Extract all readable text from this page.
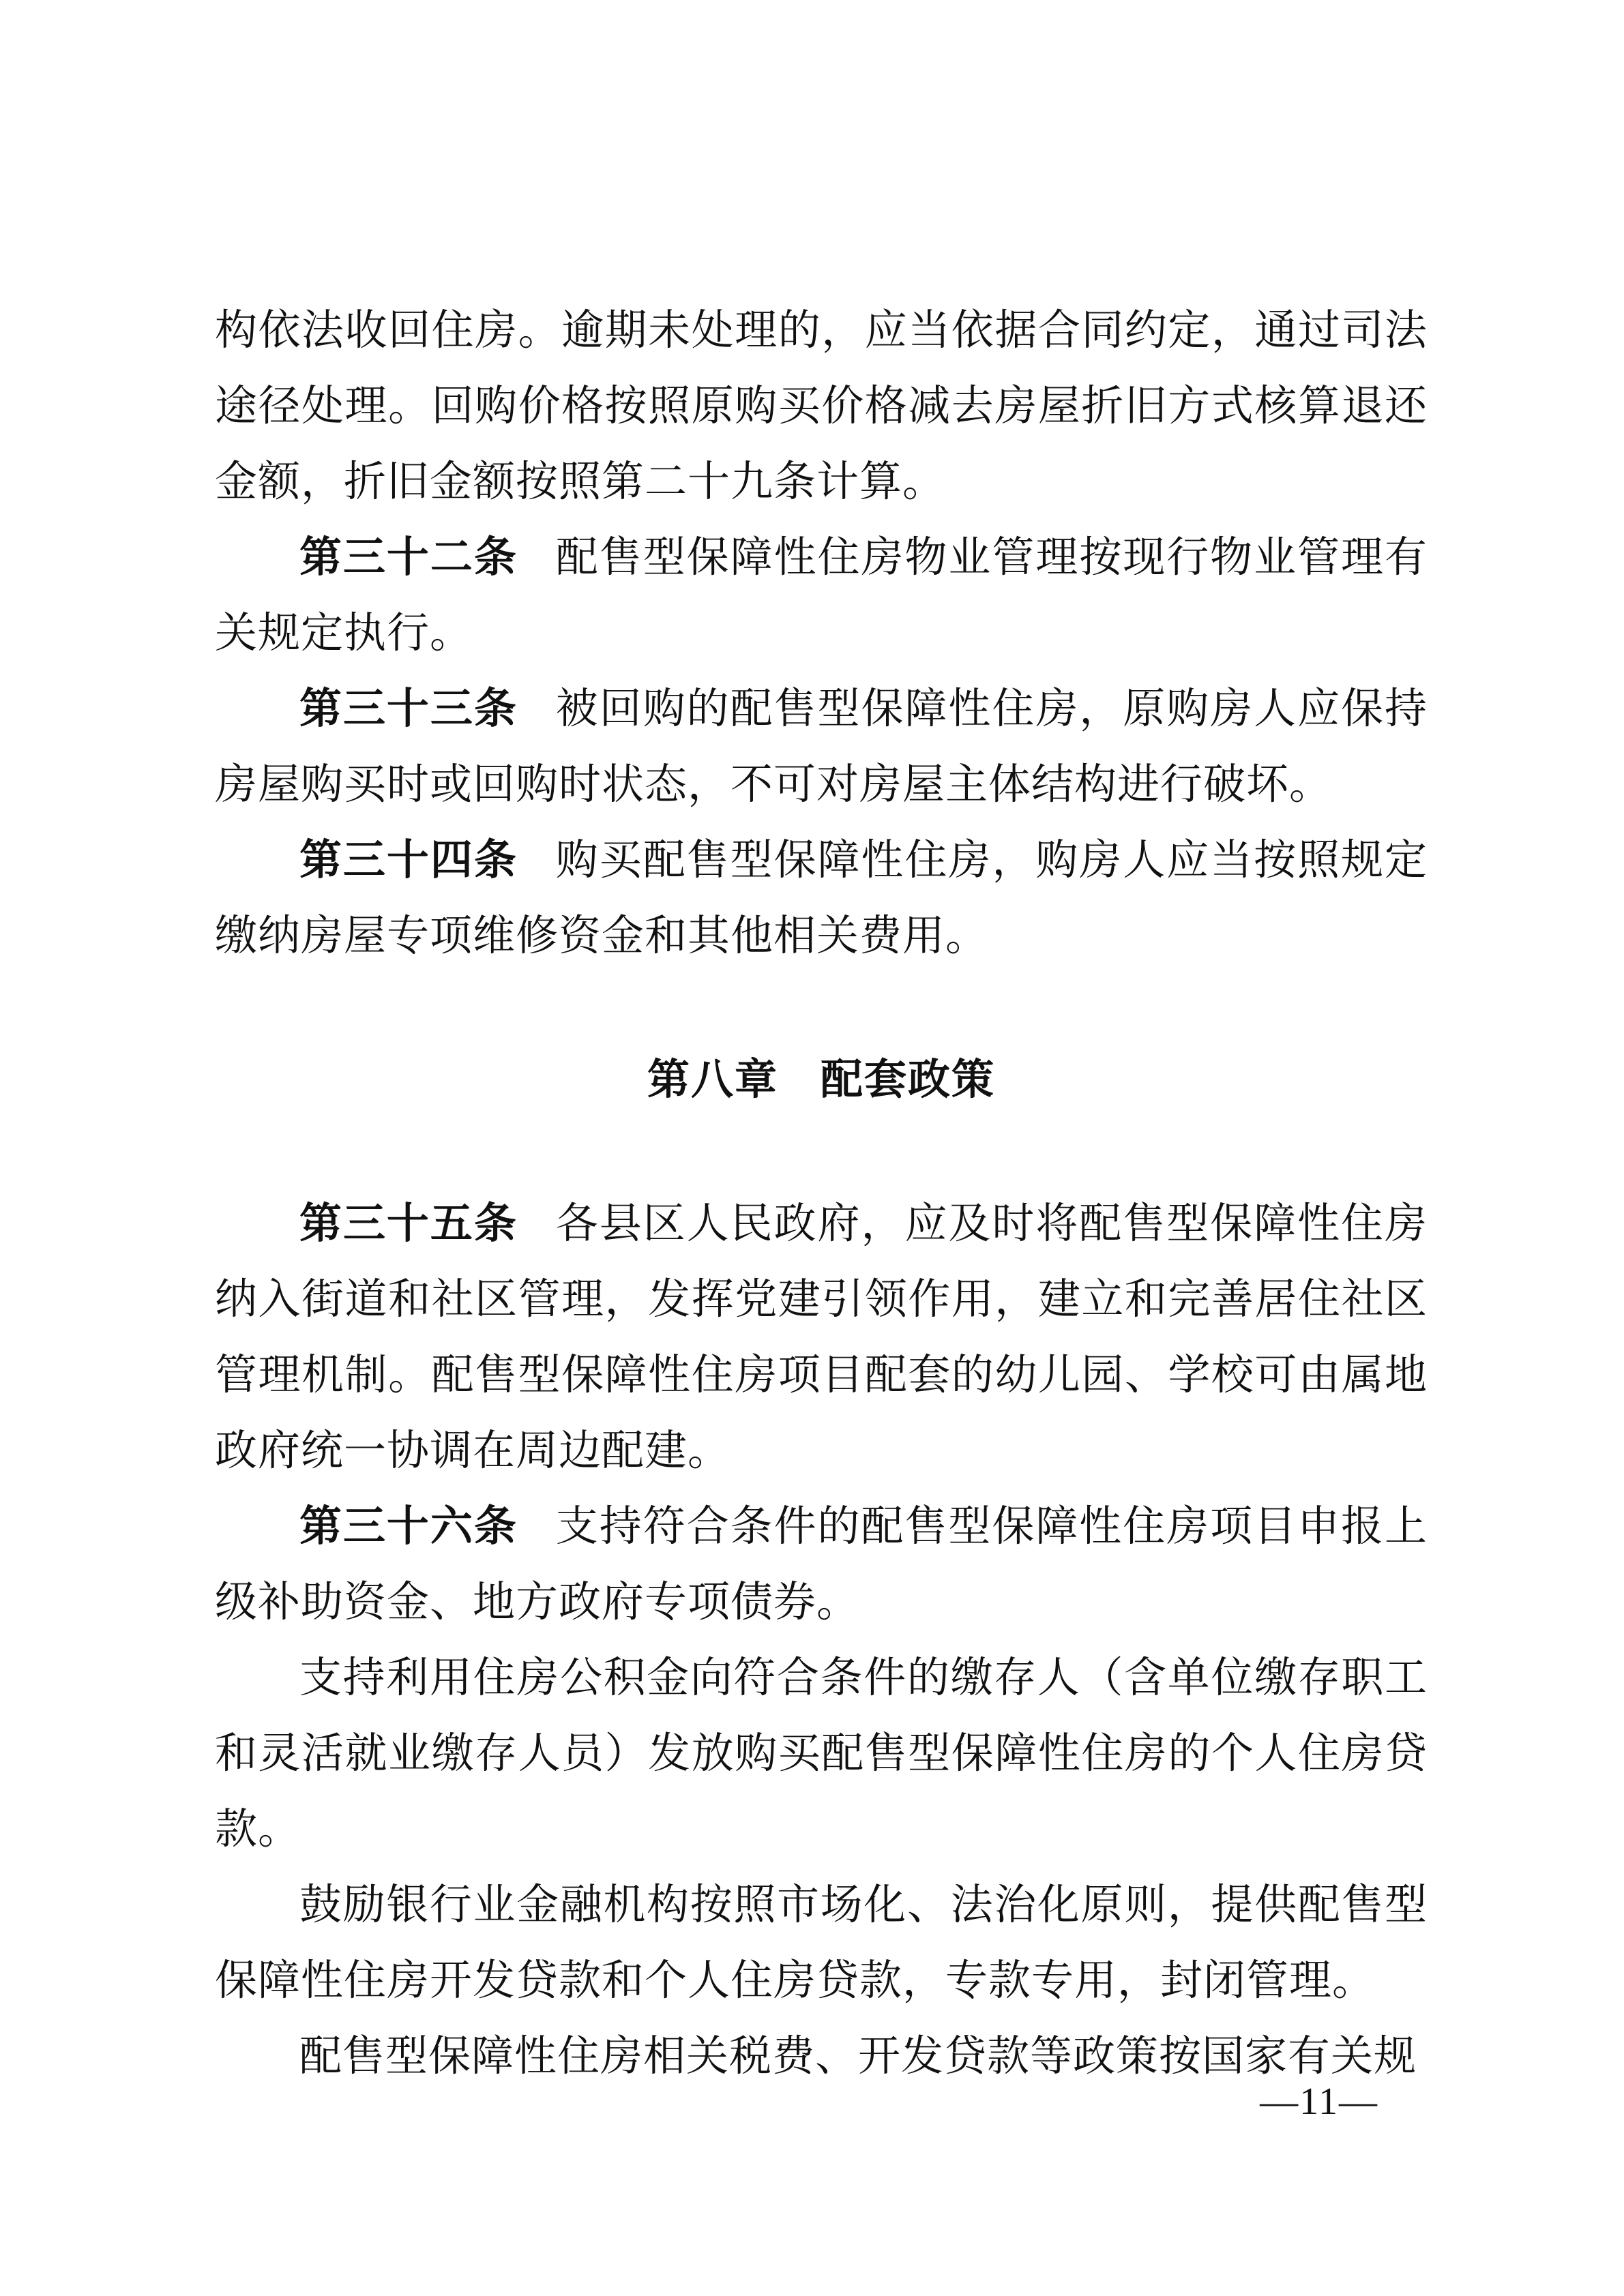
构依法收回住房。逾期未处理的，应当依据合同约定，通过司法途径处理。回购价格按照原购买价格减去房屋折旧方式核算退还金额，折旧金额按照第二十九条计算。

第三十二条 配售型保障性住房物业管理按现行物业管理有关规定执行。

第三十三条 被回购的配售型保障性住房，原购房人应保持房屋购买时或回购时状态，不可对房屋主体结构进行破坏。

第三十四条 购买配售型保障性住房，购房人应当按照规定缴纳房屋专项维修资金和其他相关费用。

第八章 配套政策

第三十五条 各县区人民政府，应及时将配售型保障性住房纳入街道和社区管理，发挥党建引领作用，建立和完善居住社区管理机制。配售型保障性住房项目配套的幼儿园、学校可由属地政府统一协调在周边配建。

第三十六条 支持符合条件的配售型保障性住房项目申报上级补助资金、地方政府专项债券。

支持利用住房公积金向符合条件的缴存人（含单位缴存职工和灵活就业缴存人员）发放购买配售型保障性住房的个人住房贷款。

鼓励银行业金融机构按照市场化、法治化原则，提供配售型保障性住房开发贷款和个人住房贷款，专款专用，封闭管理。

配售型保障性住房相关税费、开发贷款等政策按国家有关规

—11—
